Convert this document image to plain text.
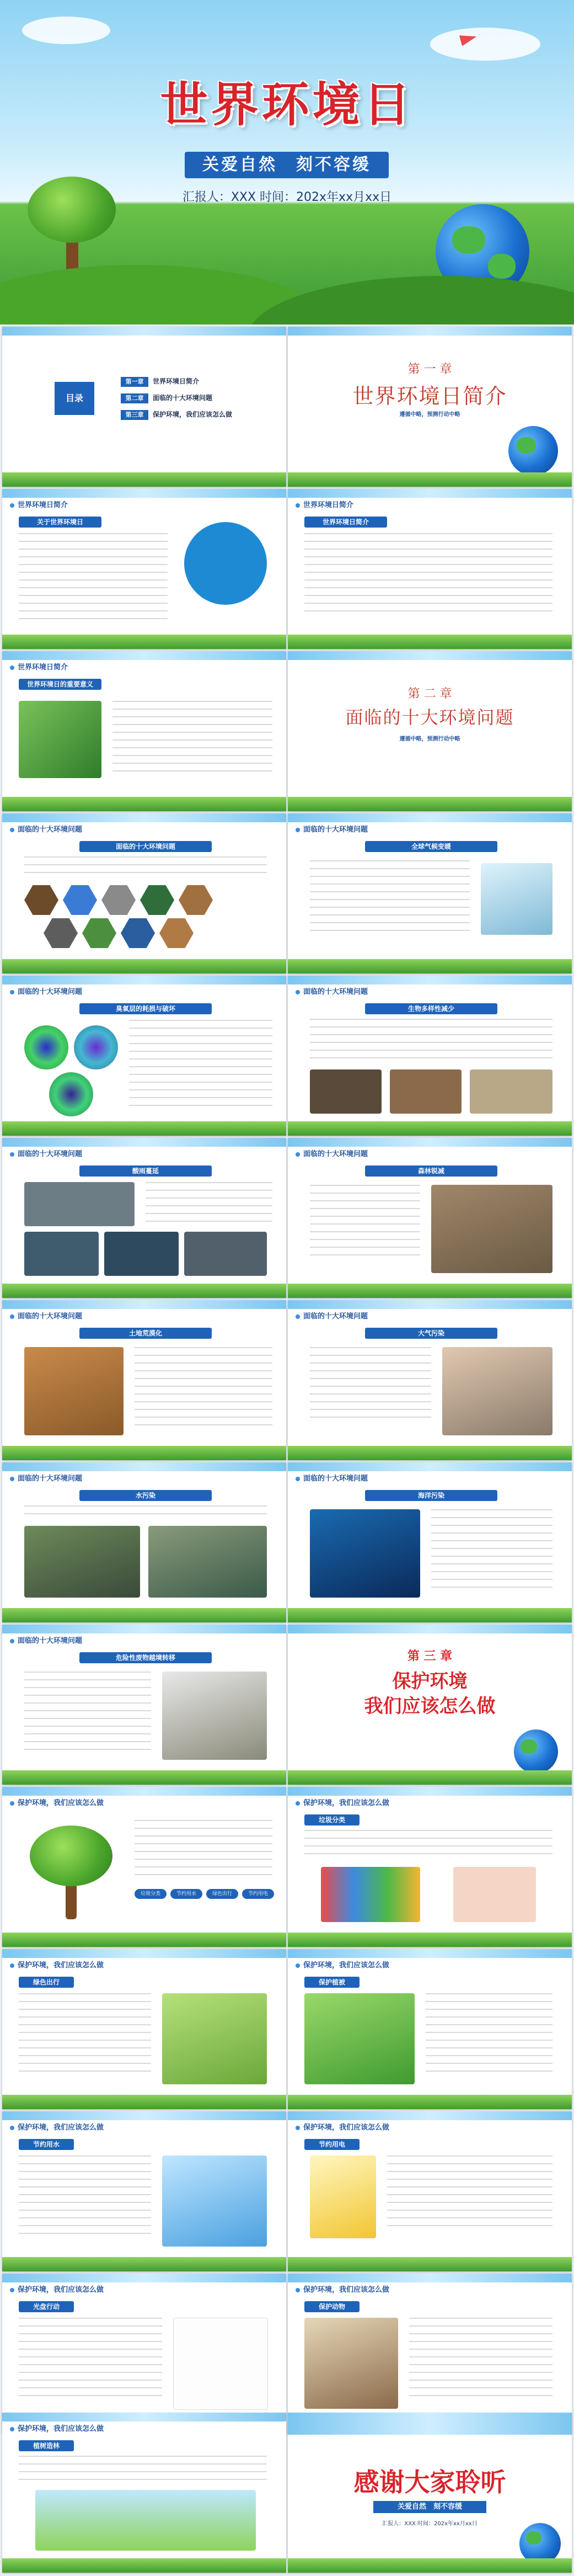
世界环境日
关爱自然　刻不容缓
汇报人：XXX 时间：202x年xx月xx日
目录
第一章 世界环境日简介
第二章 面临的十大环境问题
第三章 保护环境，我们应该怎么做
第 一 章
世界环境日简介
遵循中略，预测行动中略
世界环境日简介
关于世界环境日
世界环境日简介
世界环境日简介
世界环境日简介
世界环境日的重要意义
第 二 章
面临的十大环境问题
遵循中略，预测行动中略
面临的十大环境问题
面临的十大环境问题
面临的十大环境问题
全球气候变暖
面临的十大环境问题
臭氧层的耗损与破坏
面临的十大环境问题
生物多样性减少
面临的十大环境问题
酸雨蔓延
面临的十大环境问题
森林锐减
面临的十大环境问题
土地荒漠化
面临的十大环境问题
大气污染
面临的十大环境问题
水污染
面临的十大环境问题
海洋污染
面临的十大环境问题
危险性废物越境转移	第 三 章
保护环境
我们应该怎么做
保护环境，我们应该怎么做
垃圾分类	节约用水	绿色出行	节约用电
保护环境，我们应该怎么做
垃圾分类
保护环境，我们应该怎么做
绿色出行
保护环境，我们应该怎么做
保护植被
保护环境，我们应该怎么做
节约用水
保护环境，我们应该怎么做
节约用电
保护环境，我们应该怎么做
光盘行动
保护环境，我们应该怎么做
保护动物
保护环境，我们应该怎么做
植树造林
感谢大家聆听
关爱自然　刻不容缓
汇报人：XXX 时间：202x年xx月xx日
